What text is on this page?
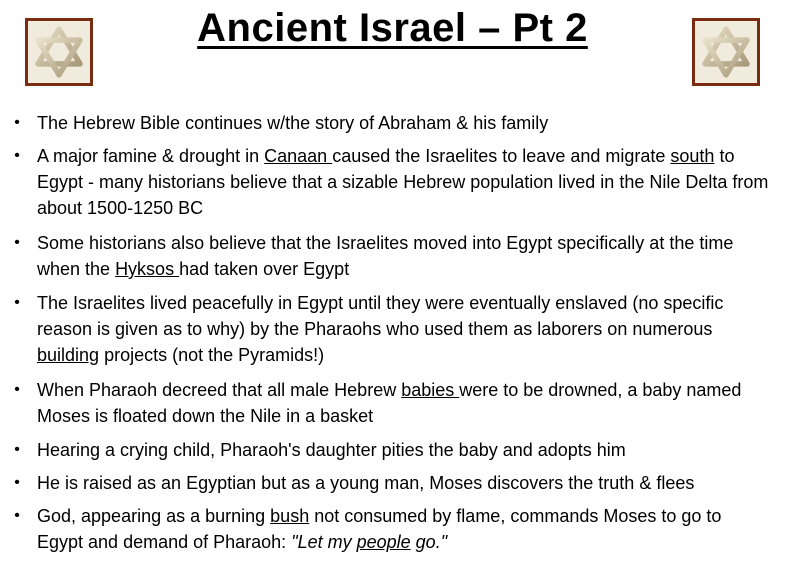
Ancient Israel – Pt 2
• The Hebrew Bible continues w/the story of Abraham & his family
• A major famine & drought in Canaan caused the Israelites to leave and migrate south to Egypt - many historians believe that a sizable Hebrew population lived in the Nile Delta from about 1500-1250 BC
• Some historians also believe that the Israelites moved into Egypt specifically at the time when the Hyksos had taken over Egypt
• The Israelites lived peacefully in Egypt until they were eventually enslaved (no specific reason is given as to why) by the Pharaohs who used them as laborers on numerous building projects (not the Pyramids!)
• When Pharaoh decreed that all male Hebrew babies were to be drowned, a baby named Moses is floated down the Nile in a basket
• Hearing a crying child, Pharaoh's daughter pities the baby and adopts him
• He is raised as an Egyptian but as a young man, Moses discovers the truth & flees
• God, appearing as a burning bush not consumed by flame, commands Moses to go to Egypt and demand of Pharaoh: "Let my people go."
